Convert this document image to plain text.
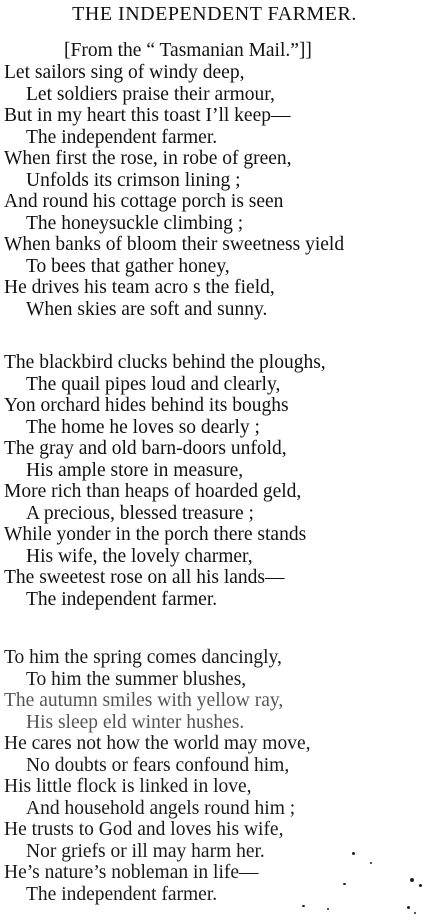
THE INDEPENDENT FARMER.
[From the “ Tasmanian Mail.”]]
Let sailors sing of windy deep,
Let soldiers praise their armour,
But in my heart this toast I’ll keep—
The independent farmer.
When first the rose, in robe of green,
Unfolds its crimson lining ;
And round his cottage porch is seen
The honeysuckle climbing ;
When banks of bloom their sweetness yield
To bees that gather honey,
He drives his team acro s the field,
When skies are soft and sunny.
The blackbird clucks behind the ploughs,
The quail pipes loud and clearly,
Yon orchard hides behind its boughs
The home he loves so dearly ;
The gray and old barn-doors unfold,
His ample store in measure,
More rich than heaps of hoarded geld,
A precious, blessed treasure ;
While yonder in the porch there stands
His wife, the lovely charmer,
The sweetest rose on all his lands—
The independent farmer.
To him the spring comes dancingly,
To him the summer blushes,
The autumn smiles with yellow ray,
His sleep eld winter hushes.
He cares not how the world may move,
No doubts or fears confound him,
His little flock is linked in love,
And household angels round him ;
He trusts to God and loves his wife,
Nor griefs or ill may harm her.
He’s nature’s nobleman in life—
The independent farmer.
